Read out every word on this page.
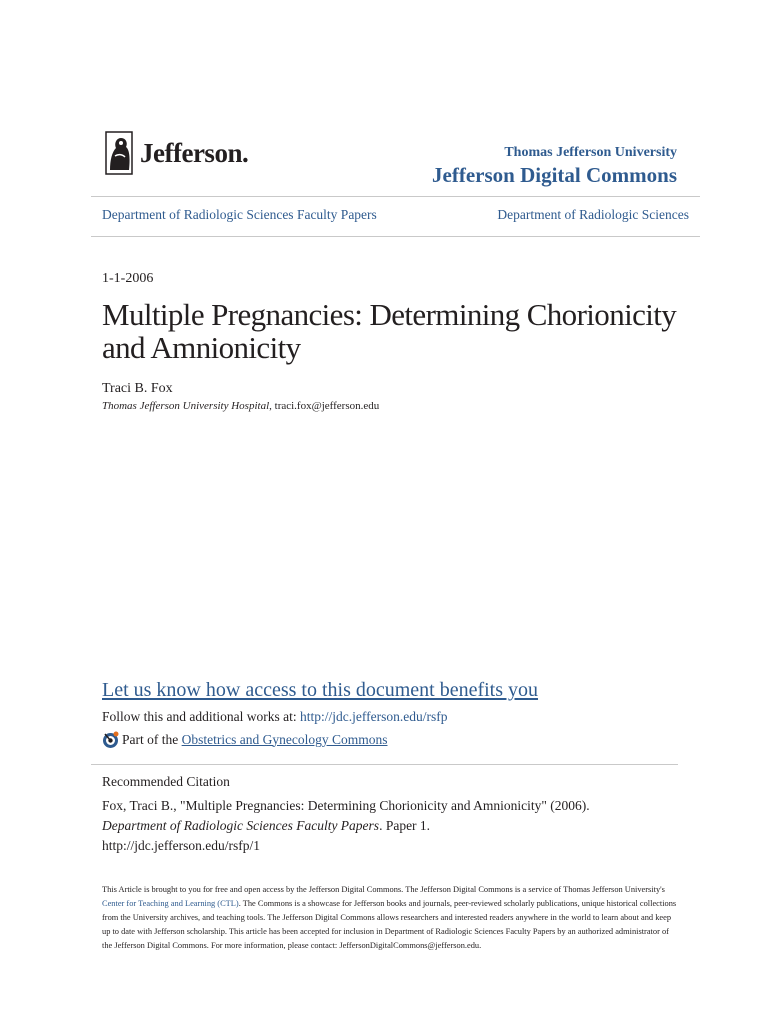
Jefferson.	Thomas Jefferson University
Jefferson Digital Commons
Department of Radiologic Sciences Faculty Papers	Department of Radiologic Sciences
1-1-2006
Multiple Pregnancies: Determining Chorionicity and Amnionicity
Traci B. Fox
Thomas Jefferson University Hospital, traci.fox@jefferson.edu
Let us know how access to this document benefits you
Follow this and additional works at: http://jdc.jefferson.edu/rsfp
Part of the
Obstetrics and Gynecology Commons
Recommended Citation
Fox, Traci B., "Multiple Pregnancies: Determining Chorionicity and Amnionicity" (2006).
Department of Radiologic Sciences Faculty Papers. Paper 1.
http://jdc.jefferson.edu/rsfp/1
This Article is brought to you for free and open access by the Jefferson Digital Commons. The Jefferson Digital Commons is a service of Thomas Jefferson University's Center for Teaching and Learning (CTL). The Commons is a showcase for Jefferson books and journals, peer-reviewed scholarly publications, unique historical collections from the University archives, and teaching tools. The Jefferson Digital Commons allows researchers and interested readers anywhere in the world to learn about and keep up to date with Jefferson scholarship. This article has been accepted for inclusion in Department of Radiologic Sciences Faculty Papers by an authorized administrator of the Jefferson Digital Commons. For more information, please contact: JeffersonDigitalCommons@jefferson.edu.
